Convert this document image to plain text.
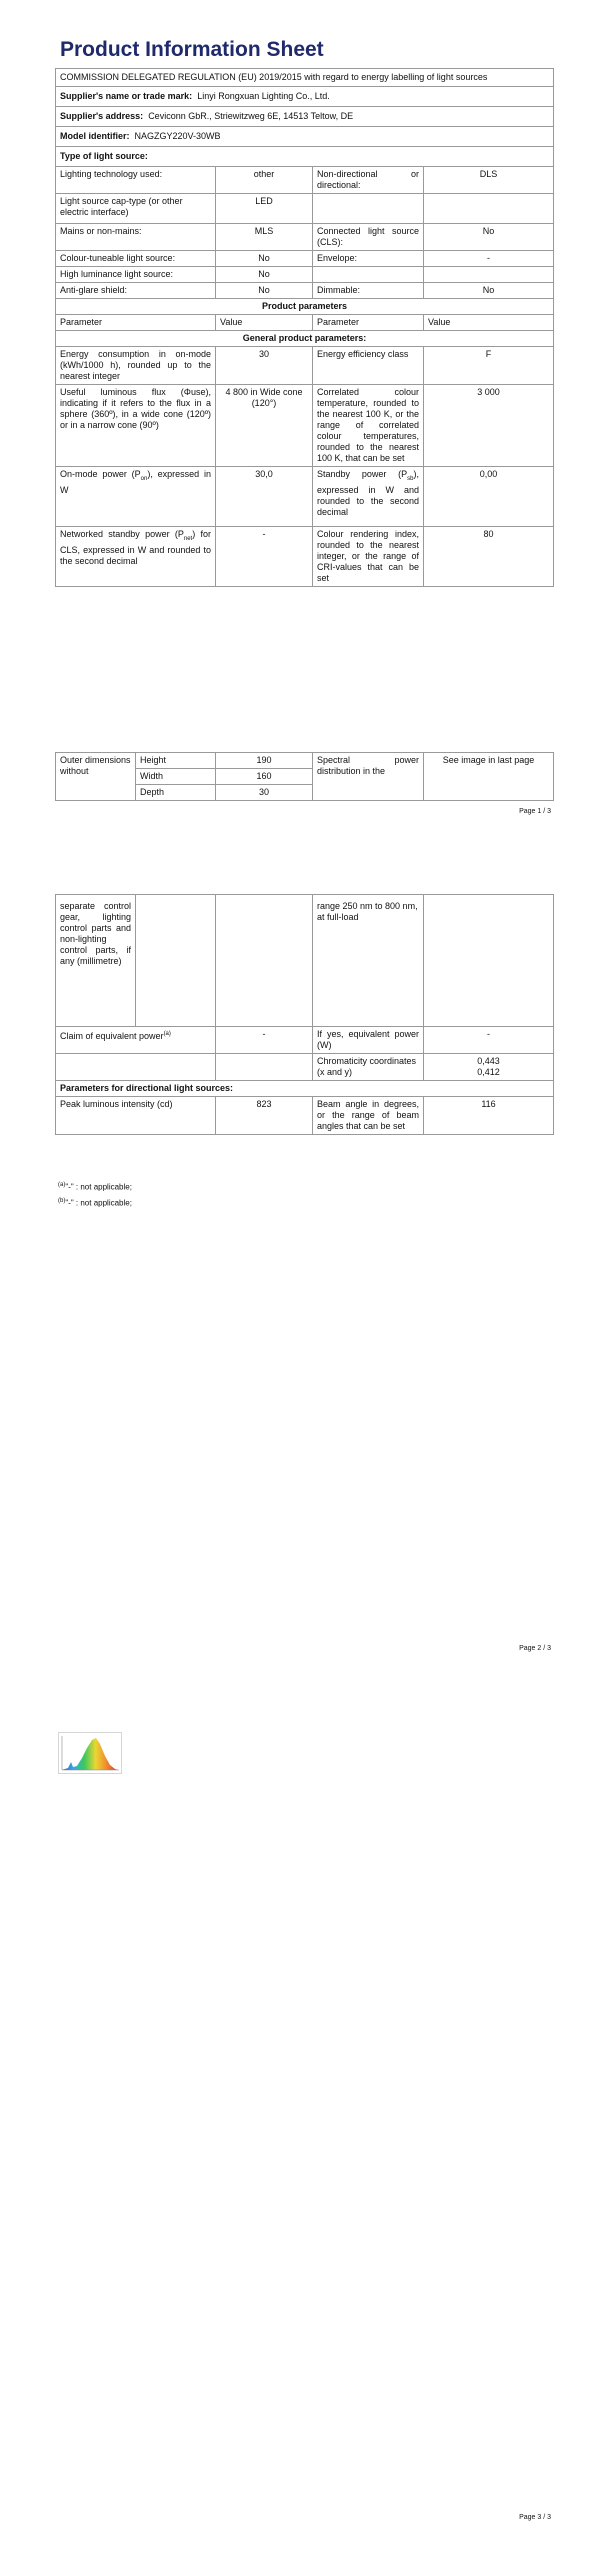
Product Information Sheet
COMMISSION DELEGATED REGULATION (EU) 2019/2015 with regard to energy labelling of light sources			
Supplier's name or trade mark: Linyi Rongxuan Lighting Co., Ltd.			
Supplier's address: Ceviconn GbR., Striewitzweg 6E, 14513 Teltow, DE			
Model identifier: NAGZGY220V-30WB			
Type of light source:			
Lighting technology used:	other	Non-directional or directional:	DLS
Light source cap-type (or other electric interface)	LED		
Mains or non-mains:	MLS	Connected light source (CLS):	No
Colour-tuneable light source:	No	Envelope:	-
High luminance light source:	No		
Anti-glare shield:	No	Dimmable:	No
Product parameters			
Parameter	Value	Parameter	Value
General product parameters:			
Energy consumption in on-mode (kWh/1000 h), rounded up to the nearest integer	30	Energy efficiency class	F
Useful luminous flux (Φuse), indicating if it refers to the flux in a sphere (360º), in a wide cone (120º) or in a narrow cone (90º)	4 800 in Wide cone (120°)	Correlated colour temperature, rounded to the nearest 100 K, or the range of correlated colour temperatures, rounded to the nearest 100 K, that can be set	3 000
On-mode power $(P_{on})$, expressed in W	30,0	Standby power $(P_{sb})$, expressed in W and rounded to the second decimal	0,00
Networked standby power $(P_{net})$ for CLS, expressed in W and rounded to the second decimal	-	Colour rendering index, rounded to the nearest integer, or the range of CRI-values that can be set	80
Outer dimensions without	Height	190	Spectral power distribution in the	See image in last page
	Width	160		
	Depth	30		
Page 1 / 3
separate control gear, lighting control parts and non-lighting control parts, if any (millimetre)			range 250 nm to 800 nm, at full-load	
Claim of equivalent power$^{(a)}$		-	If yes, equivalent power (W)	-
			Chromaticity coordinates (x and y)	0,443
0,412

Parameters for directional light sources:				
Peak luminous intensity (cd)		823	Beam angle in degrees, or the range of beam angles that can be set	116
$^{(a)}$"-" : not applicable;
$^{(b)}$"-" : not applicable;
Page 2 / 3
Page 3 / 3
